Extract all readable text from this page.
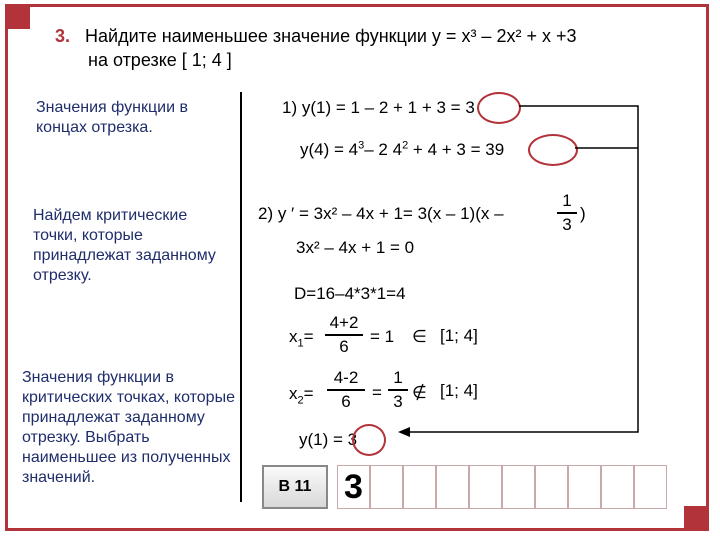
3. Найдите наименьшее значение функции у = х³ – 2х² + х +3
на отрезке [ 1; 4 ]
Значения функции в концах отрезка.
Найдем критические точки, которые принадлежат заданному отрезку.
Значения функции в критических точках, которые принадлежат заданному отрезку. Выбрать наименьшее из полученных значений.
1) у(1) = 1 – 2 + 1 + 3 = 3
$у(4) = 4^3-$ 2 $4^2 + 4 + 3 = 39$
2) у ′ = 3х² – 4х + 1= 3(х – 1)(х –
1
3
)
3х² – 4х + 1 = 0
D=16–4*3*1=4
$х_1=$
4+2
6	= 1 ∈ [1; 4]
$х_2=$
4-2
6	=
1
3 ∉ [1; 4]
у(1) = 3
В 11 3
